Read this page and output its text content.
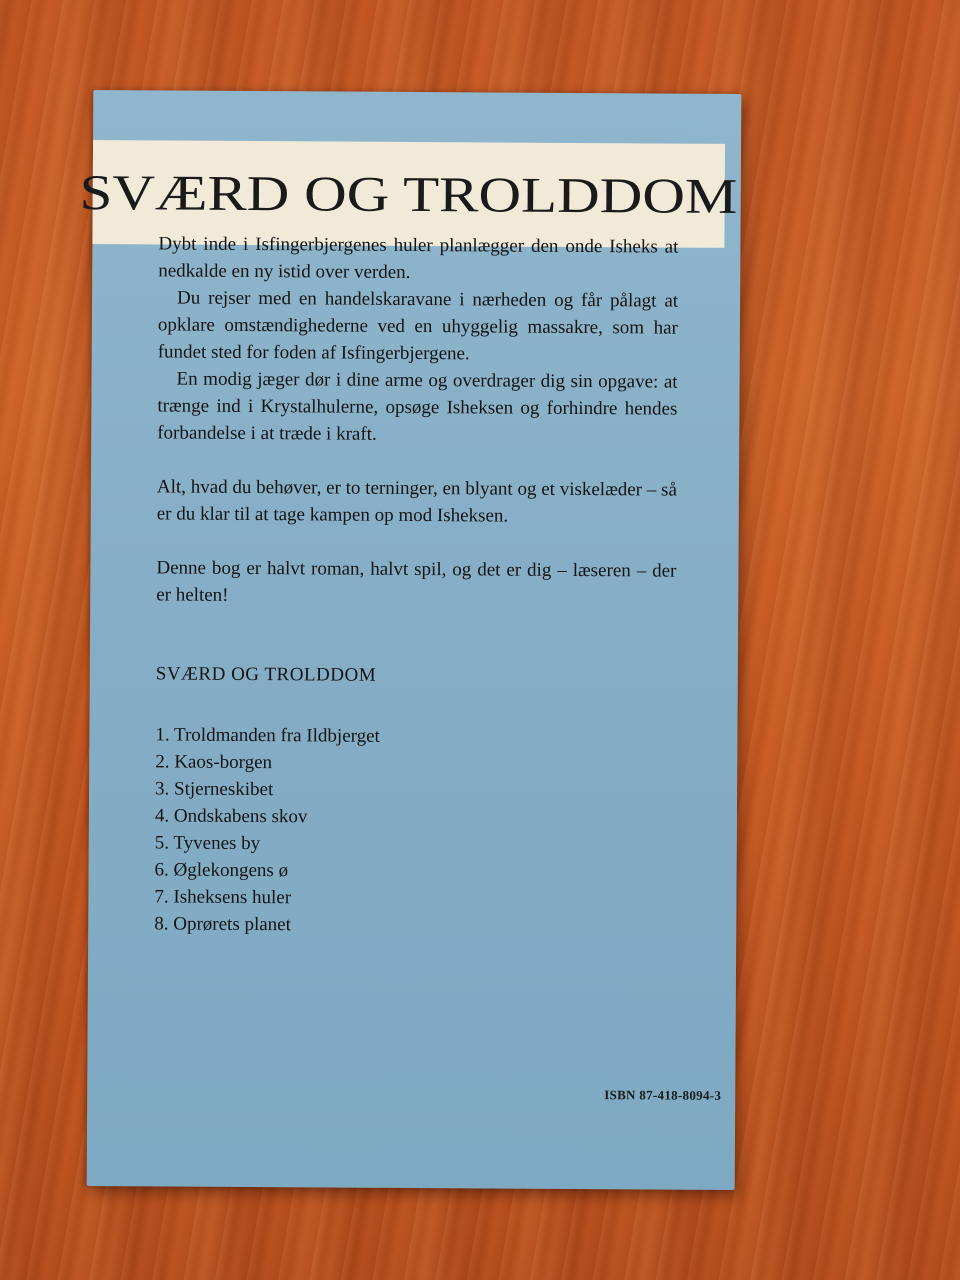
SVÆRD OG TROLDDOM

Dybt inde i Isfingerbjergenes huler planlægger den onde Isheks at nedkalde en ny istid over verden.

Du rejser med en handelskaravane i nærheden og får pålagt at opklare omstændighederne ved en uhyggelig massakre, som har fundet sted for foden af Isfingerbjergene.

En modig jæger dør i dine arme og overdrager dig sin opgave: at trænge ind i Krystalhulerne, opsøge Isheksen og forhindre hendes forbandelse i at træde i kraft.

Alt, hvad du behøver, er to terninger, en blyant og et viskelæder – så er du klar til at tage kampen op mod Isheksen.

Denne bog er halvt roman, halvt spil, og det er dig – læseren – der er helten!

SVÆRD OG TROLDDOM
1. Troldmanden fra Ildbjerget
2. Kaos-borgen
3. Stjerneskibet
4. Ondskabens skov
5. Tyvenes by
6. Øglekongens ø
7. Isheksens huler
8. Oprørets planet
ISBN 87-418-8094-3
